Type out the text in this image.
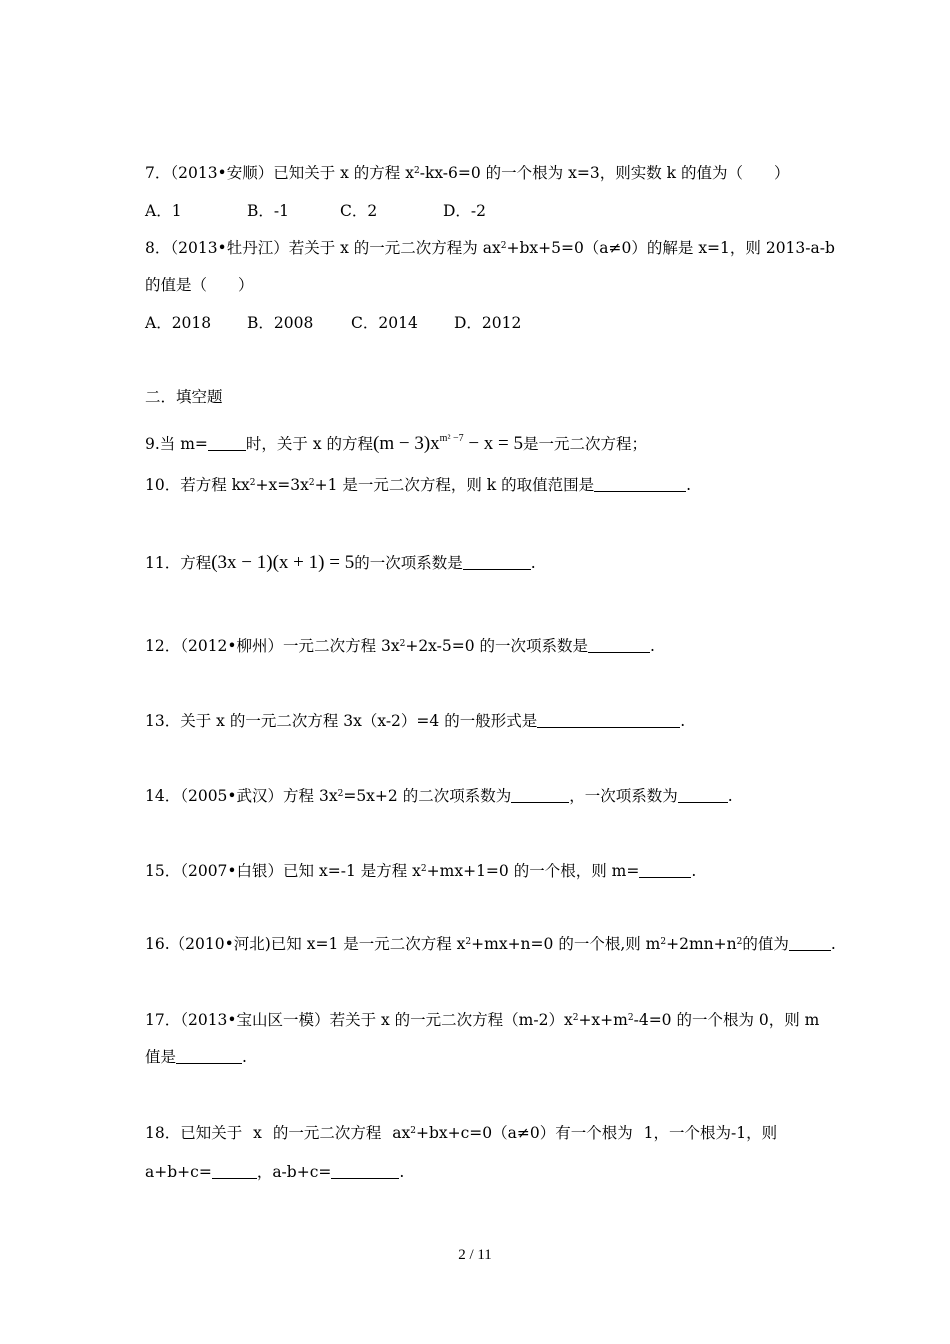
7．（2013•安顺）已知关于 x 的方程 $x^2-kx-6=0$ 的一个根为 x=3，则实数 k 的值为（　　）
A．1	B．-1	C．2	D．-2
8．（2013•牡丹江）若关于 x 的一元二次方程为 $ax^2+bx+5=0(a\ne 0)$的解是 x=1，则 2013-a-b
的值是（　　）
A．2018 B．2008 C．2014 D．2012
二．填空题
9.当 m= 时，关于 x 的方程$(m - 3)x^{m^2 -7} - x = 5$是一元二次方程；
10．若方程 $kx^2+x=3x^2+1$ 是一元二次方程，则 k 的取值范围是	.
11．方程(3x − 1)(x + 1) = 5的一次项系数是	.
12．（2012•柳州）一元二次方程 $3x^2+2x-5=0$ 的一次项系数是	.
13．关于 x 的一元二次方程 3x（x-2）=4 的一般形式是	.
14．（2005•武汉）方程 $3x^2=5x+2$ 的二次项系数为	，一次项系数为	.
15．（2007•白银）已知 x=-1 是方程 $x^2+mx+1=0$ 的一个根，则 m=	.
16.（2010•河北)已知 x=1 是一元二次方程 $x^2+mx+n=0$ 的一个根,则 $m^2+2mn+n^2$的值为	.
17．（2013•宝山区一模）若关于 x 的一元二次方程$(m-2)x^2+x+m^2-4=0$ 的一个根为 0，则 m
值是	.
18．已知关于 x 的一元二次方程 $ax^2+bx+c=0(a\ne 0)$有一个根为 1，一个根为-1，则
a+b+c=	，a-b+c=	.
2 / 11
